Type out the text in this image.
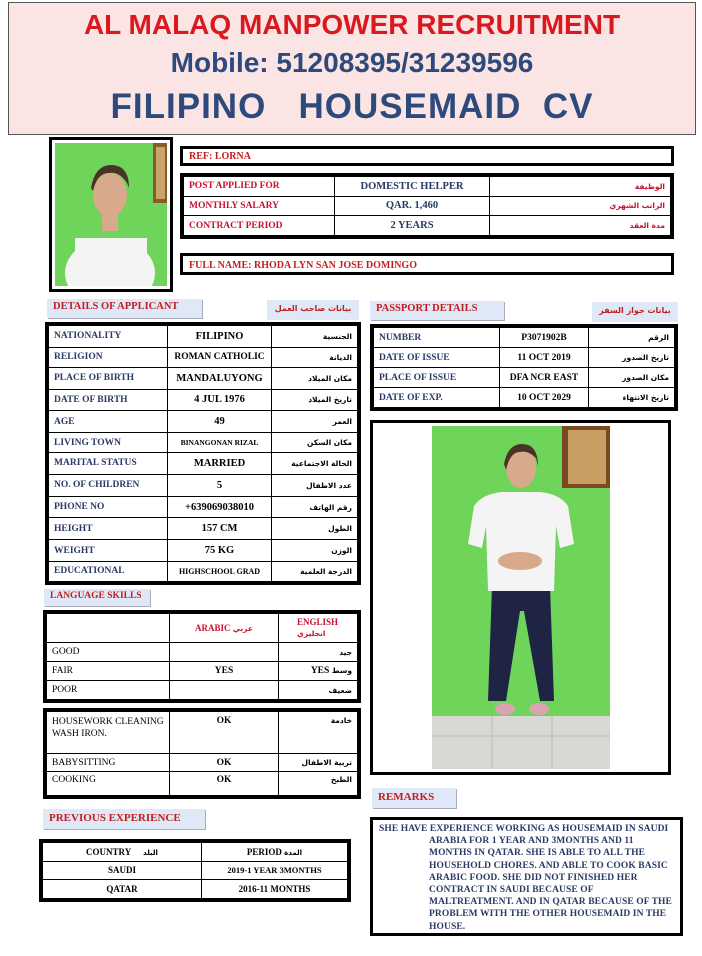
AL MALAQ MANPOWER RECRUITMENT
Mobile: 51208395/31239596
FILIPINO   HOUSEMAID  CV
REF: LORNA
POST APPLIED FOR	DOMESTIC HELPER	الوظيفة
MONTHLY SALARY	QAR. 1,460	الراتب الشهري
CONTRACT PERIOD	2 YEARS	مدة العقد
FULL NAME: RHODA LYN SAN JOSE DOMINGO
DETAILS OF APPLICANT	بيانات صاحب العمل
NATIONALITY	FILIPINO	الجنسية
RELIGION	ROMAN CATHOLIC	الديانة
PLACE OF BIRTH	MANDALUYONG	مكان الميلاد
DATE OF BIRTH	4 JUL 1976	تاريخ الميلاد
AGE	49	العمر
LIVING TOWN	BINANGONAN RIZAL	مكان السكن
MARITAL STATUS	MARRIED	الحالة الاجتماعية
NO. OF CHILDREN	5	عدد الاطفال
PHONE NO	+639069038010	رقم الهاتف
HEIGHT	157 CM	الطول
WEIGHT	75 KG	الوزن
EDUCATIONAL	HIGHSCHOOL GRAD	الدرجة العلمية
PASSPORT DETAILS	بيانات جواز السفر
NUMBER	P3071902B	الرقم
DATE OF ISSUE	11 OCT 2019	تاريخ الصدور
PLACE OF ISSUE	DFA NCR EAST	مكان الصدور
DATE OF EXP.	10 OCT 2029	تاريخ الانتهاء
LANGUAGE SKILLS
	ARABIC عربي	ENGLISH
انجليزي
GOOD		جيد
FAIR	YES	YES وسط
POOR		ضعيف
HOUSEWORK CLEANING WASH IRON.	OK	خادمة
BABYSITTING	OK	تربية الاطفال
COOKING	OK	الطبخ
PREVIOUS EXPERIENCE
COUNTRY البلد	PERIOD المدة
SAUDI	2019-1 YEAR 3MONTHS
QATAR	2016-11 MONTHS
REMARKS
SHE HAVE EXPERIENCE WORKING AS HOUSEMAID IN SAUDI ARABIA FOR 1 YEAR AND 3MONTHS AND 11 MONTHS IN QATAR. SHE IS ABLE TO ALL THE HOUSEHOLD CHORES. AND ABLE TO COOK BASIC ARABIC FOOD. SHE DID NOT FINISHED HER CONTRACT IN SAUDI BECAUSE OF MALTREATMENT. AND IN QATAR BECAUSE OF THE PROBLEM WITH THE OTHER HOUSEMAID IN THE HOUSE.
